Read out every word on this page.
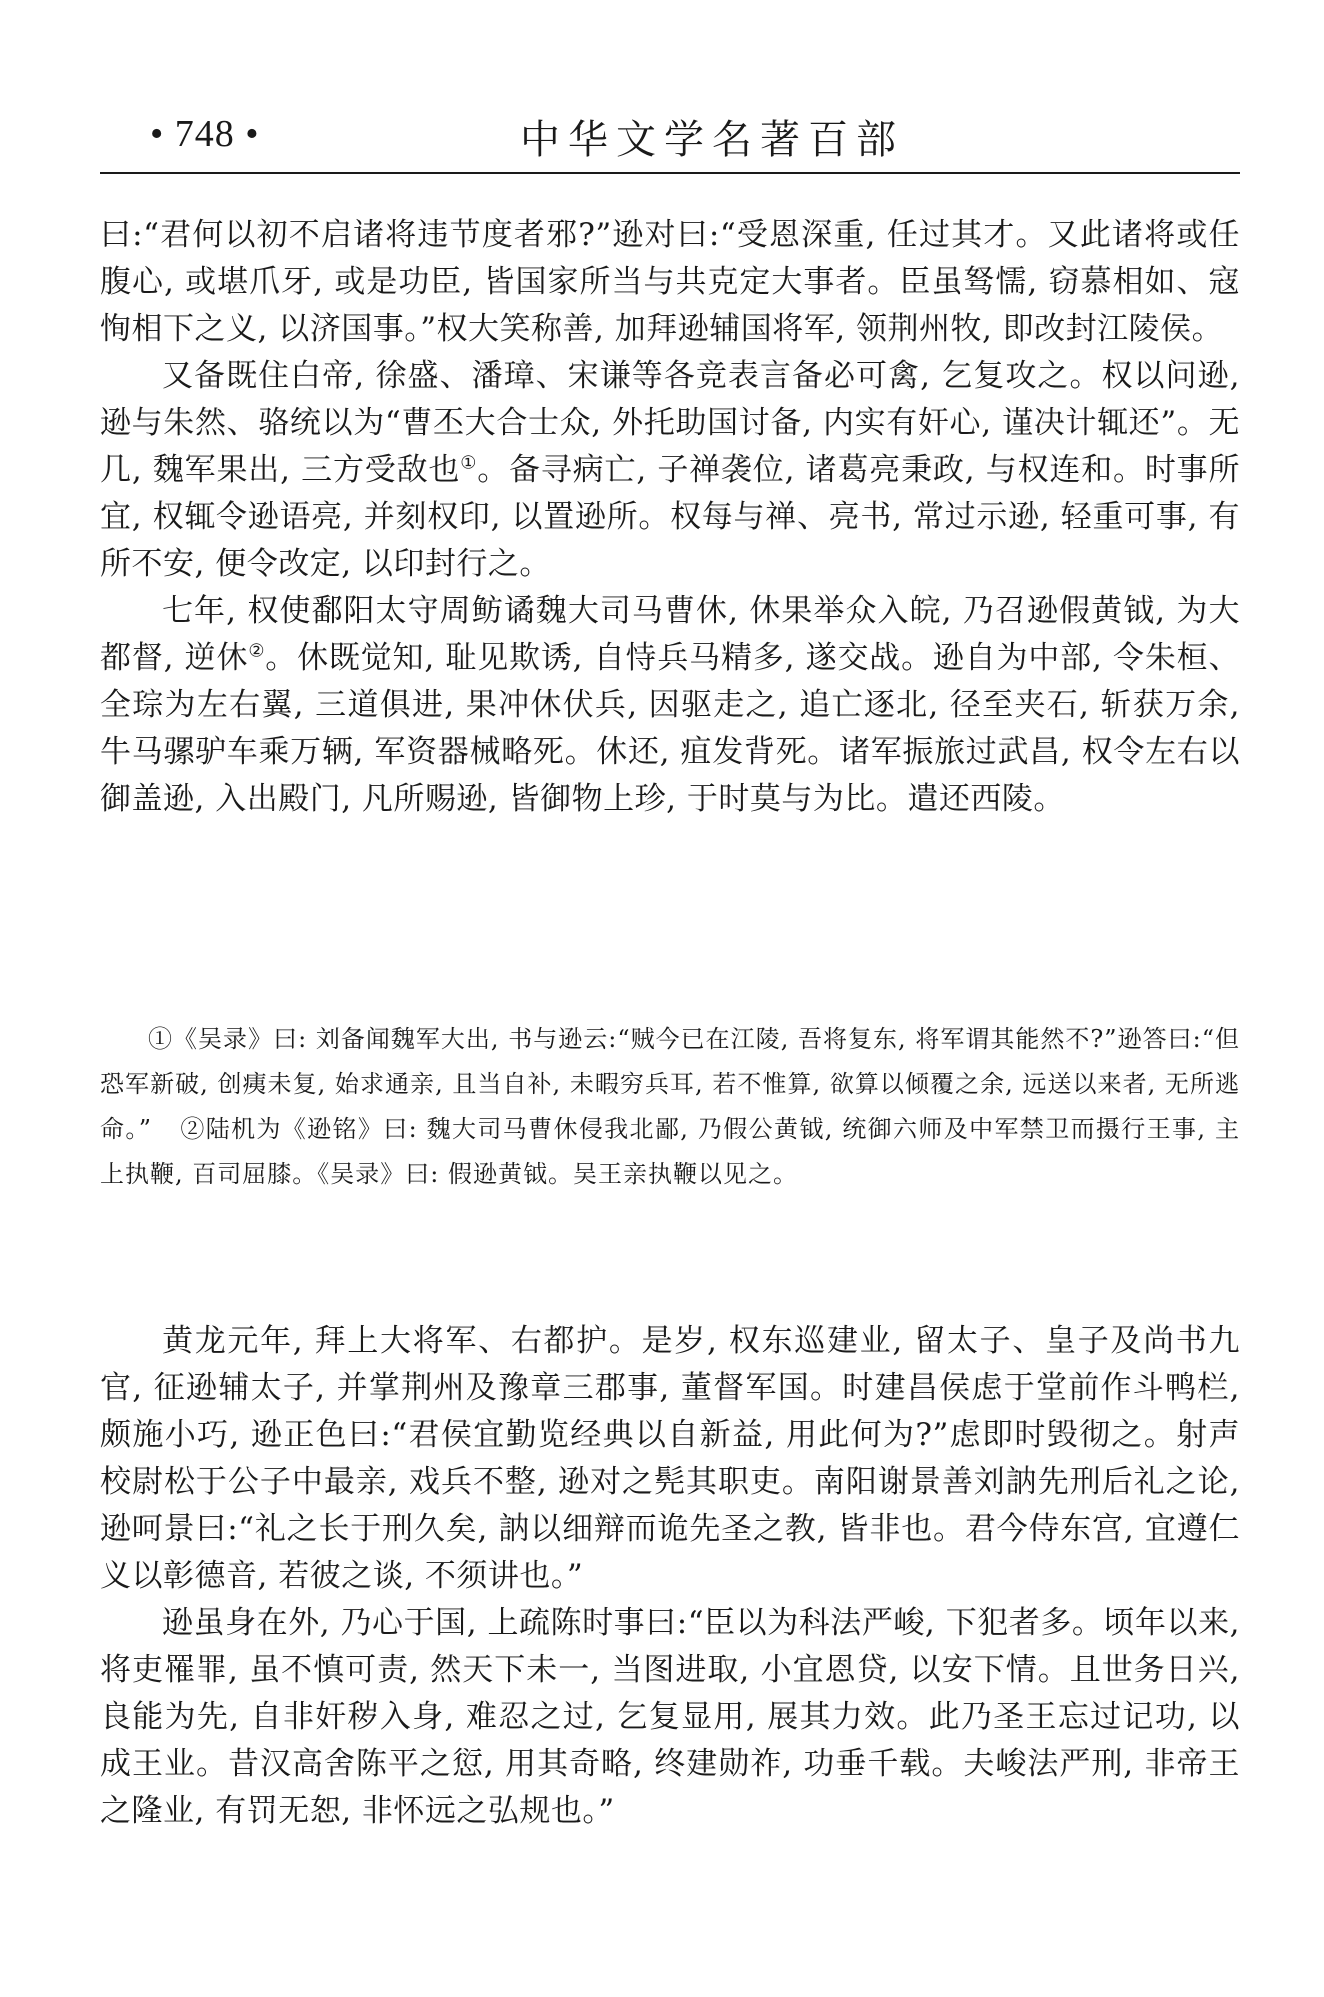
• 748 •	中华文学名著百部

曰:“君何以初不启诸将违节度者邪?”逊对曰:“受恩深重, 任过其才。又此诸将或任腹心, 或堪爪牙, 或是功臣, 皆国家所当与共克定大事者。臣虽驽懦, 窃慕相如、寇恂相下之义, 以济国事。”权大笑称善, 加拜逊辅国将军, 领荆州牧, 即改封江陵侯。

又备既住白帝, 徐盛、潘璋、宋谦等各竞表言备必可禽, 乞复攻之。权以问逊, 逊与朱然、骆统以为“曹丕大合士众, 外托助国讨备, 内实有奸心, 谨决计辄还”。无几, 魏军果出, 三方受敌也①。备寻病亡, 子禅袭位, 诸葛亮秉政, 与权连和。时事所宜, 权辄令逊语亮, 并刻权印, 以置逊所。权每与禅、亮书, 常过示逊, 轻重可事, 有所不安, 便令改定, 以印封行之。

七年, 权使鄱阳太守周鲂谲魏大司马曹休, 休果举众入皖, 乃召逊假黄钺, 为大都督, 逆休②。休既觉知, 耻见欺诱, 自恃兵马精多, 遂交战。逊自为中部, 令朱桓、全琮为左右翼, 三道俱进, 果冲休伏兵, 因驱走之, 追亡逐北, 径至夹石, 斩获万余, 牛马骡驴车乘万辆, 军资器械略死。休还, 疽发背死。诸军振旅过武昌, 权令左右以御盖逊, 入出殿门, 凡所赐逊, 皆御物上珍, 于时莫与为比。遣还西陵。

①《吴录》曰: 刘备闻魏军大出, 书与逊云:“贼今已在江陵, 吾将复东, 将军谓其能然不?”逊答曰:“但恐军新破, 创痍未复, 始求通亲, 且当自补, 未暇穷兵耳, 若不惟算, 欲算以倾覆之余, 远送以来者, 无所逃命。” ②陆机为《逊铭》曰: 魏大司马曹休侵我北鄙, 乃假公黄钺, 统御六师及中军禁卫而摄行王事, 主上执鞭, 百司屈膝。《吴录》曰: 假逊黄钺。吴王亲执鞭以见之。

黄龙元年, 拜上大将军、右都护。是岁, 权东巡建业, 留太子、皇子及尚书九官, 征逊辅太子, 并掌荆州及豫章三郡事, 董督军国。时建昌侯虑于堂前作斗鸭栏, 颇施小巧, 逊正色曰:“君侯宜勤览经典以自新益, 用此何为?”虑即时毁彻之。射声校尉松于公子中最亲, 戏兵不整, 逊对之髡其职吏。南阳谢景善刘訥先刑后礼之论, 逊呵景曰:“礼之长于刑久矣, 訥以细辩而诡先圣之教, 皆非也。君今侍东宫, 宜遵仁义以彰德音, 若彼之谈, 不须讲也。”

逊虽身在外, 乃心于国, 上疏陈时事曰:“臣以为科法严峻, 下犯者多。顷年以来, 将吏罹罪, 虽不慎可责, 然天下未一, 当图进取, 小宜恩贷, 以安下情。且世务日兴, 良能为先, 自非奸秽入身, 难忍之过, 乞复显用, 展其力效。此乃圣王忘过记功, 以成王业。昔汉高舍陈平之愆, 用其奇略, 终建勋祚, 功垂千载。夫峻法严刑, 非帝王之隆业, 有罚无恕, 非怀远之弘规也。”
